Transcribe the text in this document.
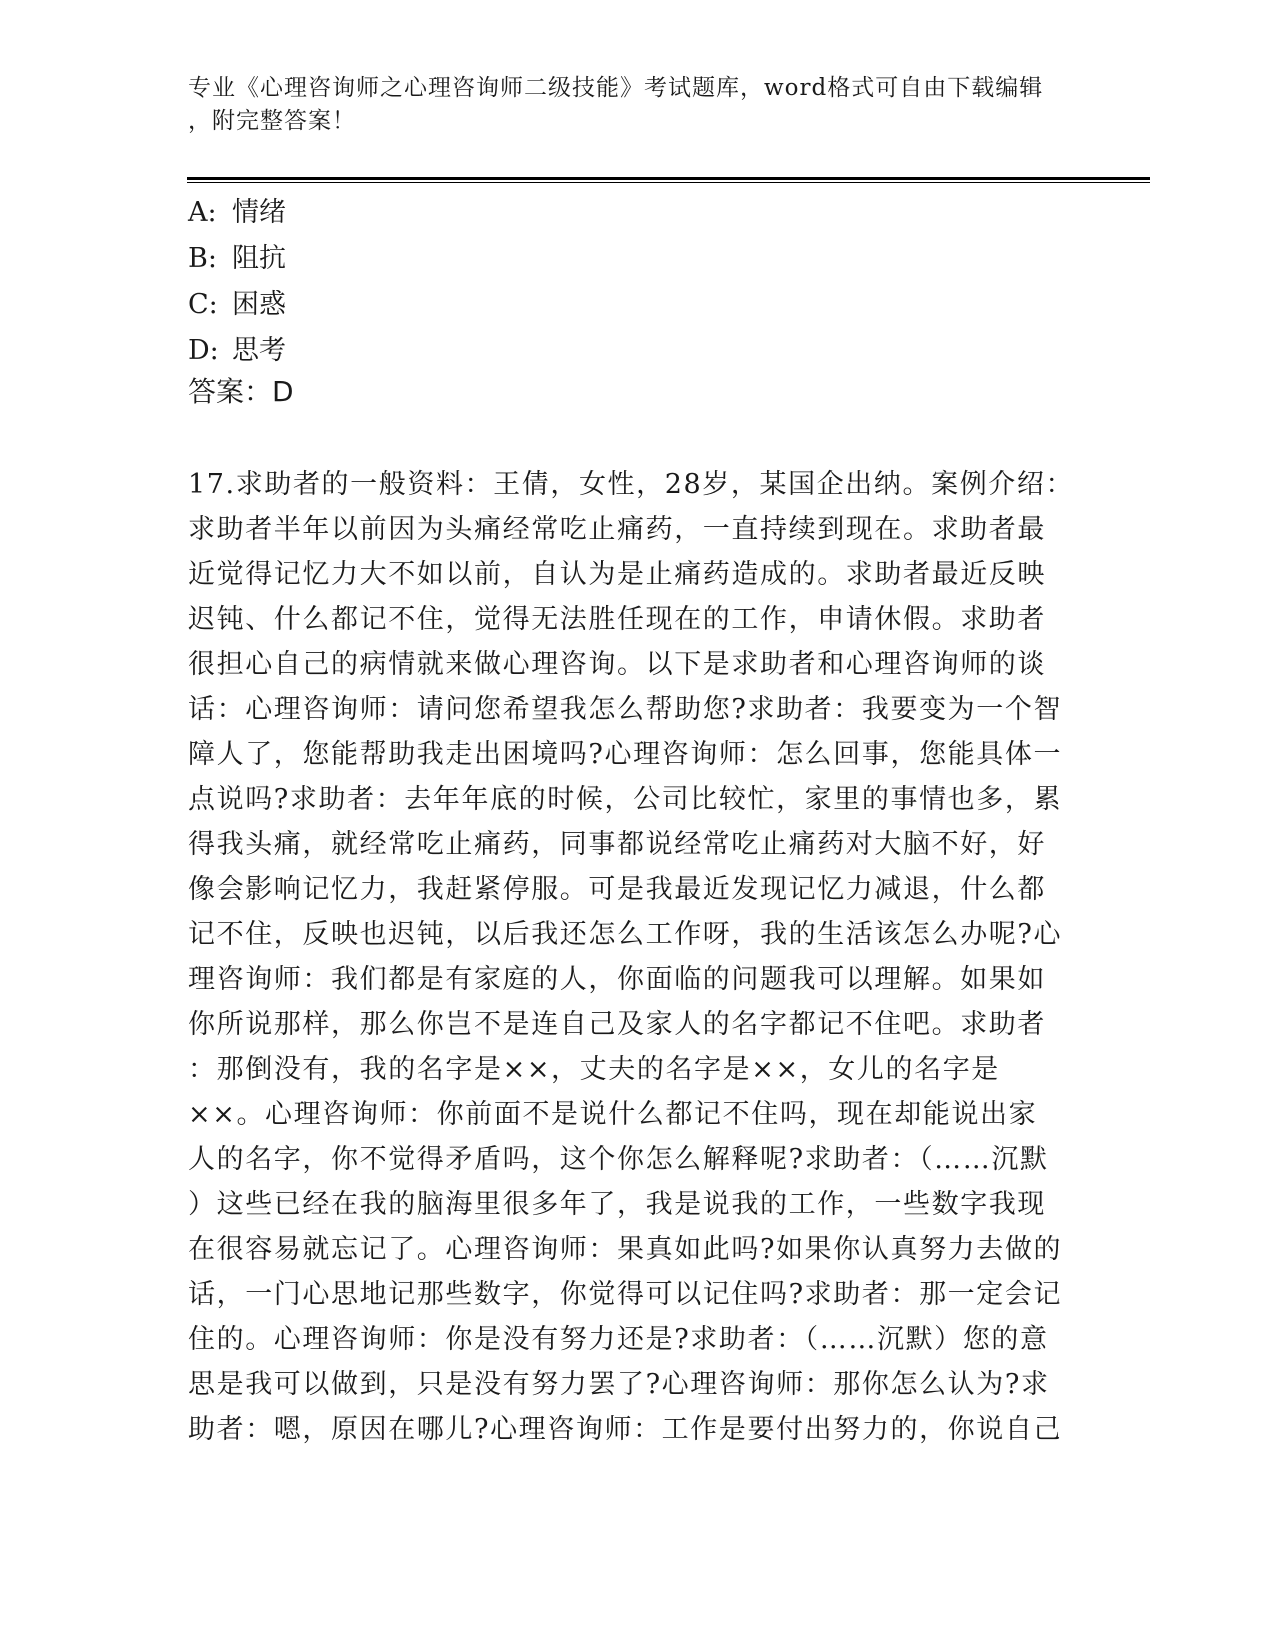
专业《心理咨询师之心理咨询师二级技能》考试题库，word格式可自由下载编辑
，附完整答案！
A: 情绪
B: 阻抗
C: 困惑
D: 思考
答案：D
17.求助者的一般资料：王倩，女性，28岁，某国企出纳。案例介绍：
求助者半年以前因为头痛经常吃止痛药，一直持续到现在。求助者最
近觉得记忆力大不如以前，自认为是止痛药造成的。求助者最近反映
迟钝、什么都记不住，觉得无法胜任现在的工作，申请休假。求助者
很担心自己的病情就来做心理咨询。以下是求助者和心理咨询师的谈
话：心理咨询师：请问您希望我怎么帮助您?求助者：我要变为一个智
障人了，您能帮助我走出困境吗?心理咨询师：怎么回事，您能具体一
点说吗?求助者：去年年底的时候，公司比较忙，家里的事情也多，累
得我头痛，就经常吃止痛药，同事都说经常吃止痛药对大脑不好，好
像会影响记忆力，我赶紧停服。可是我最近发现记忆力减退，什么都
记不住，反映也迟钝，以后我还怎么工作呀，我的生活该怎么办呢?心
理咨询师：我们都是有家庭的人，你面临的问题我可以理解。如果如
你所说那样，那么你岂不是连自己及家人的名字都记不住吧。求助者
：那倒没有，我的名字是××，丈夫的名字是××，女儿的名字是
××。心理咨询师：你前面不是说什么都记不住吗，现在却能说出家
人的名字，你不觉得矛盾吗，这个你怎么解释呢?求助者：（……沉默
）这些已经在我的脑海里很多年了，我是说我的工作，一些数字我现
在很容易就忘记了。心理咨询师：果真如此吗?如果你认真努力去做的
话，一门心思地记那些数字，你觉得可以记住吗?求助者：那一定会记
住的。心理咨询师：你是没有努力还是?求助者：（……沉默）您的意
思是我可以做到，只是没有努力罢了?心理咨询师：那你怎么认为?求
助者：嗯，原因在哪儿?心理咨询师：工作是要付出努力的，你说自己
